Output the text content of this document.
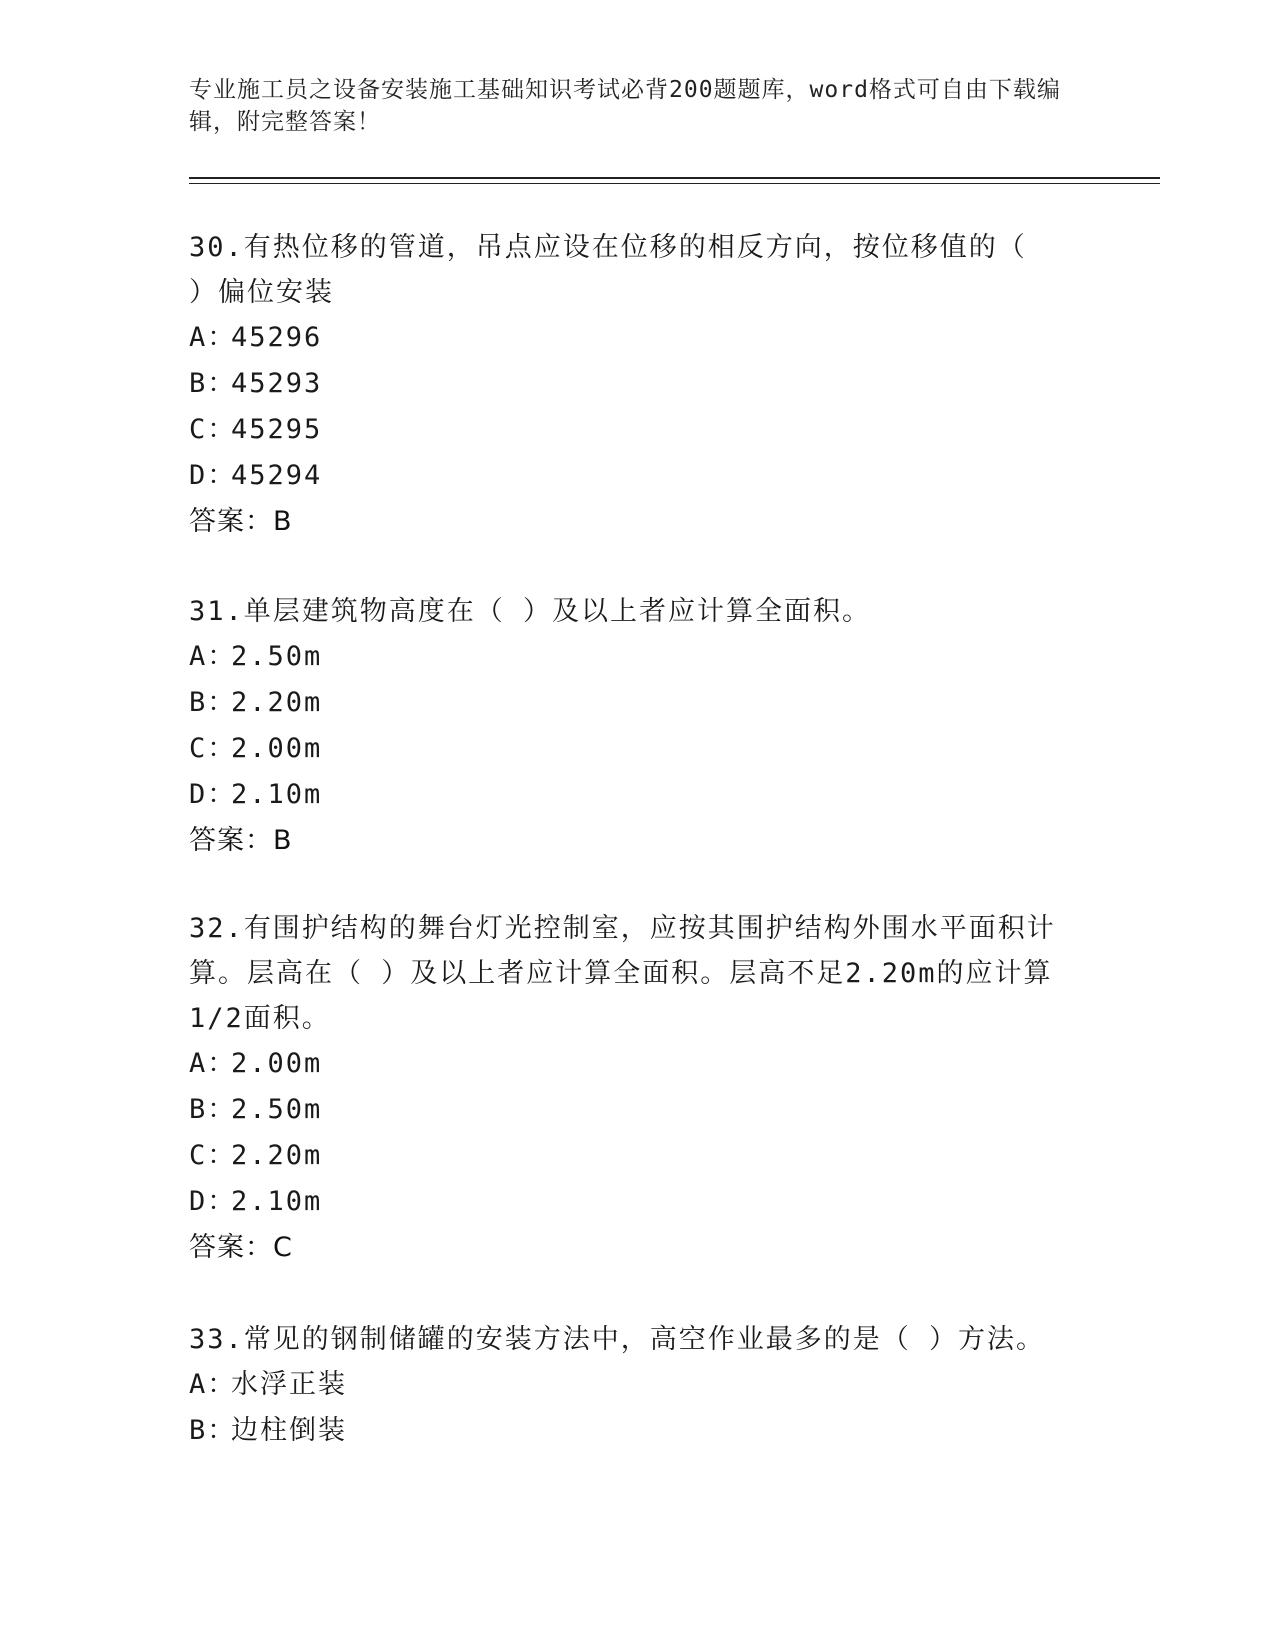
专业施工员之设备安装施工基础知识考试必背200题题库，word格式可自由下载编辑，附完整答案！

30.有热位移的管道，吊点应设在位移的相反方向，按位移值的（ ）偏位安装

A：45296
B：45293
C：45295
D：45294
答案：B

31.单层建筑物高度在（ ）及以上者应计算全面积。

A：2.50m
B：2.20m
C：2.00m
D：2.10m
答案：B

32.有围护结构的舞台灯光控制室，应按其围护结构外围水平面积计算。层高在（ ）及以上者应计算全面积。层高不足2.20m的应计算1/2面积。

A：2.00m
B：2.50m
C：2.20m
D：2.10m
答案：C

33.常见的钢制储罐的安装方法中，高空作业最多的是（ ）方法。

A：水浮正装
B：边柱倒装
